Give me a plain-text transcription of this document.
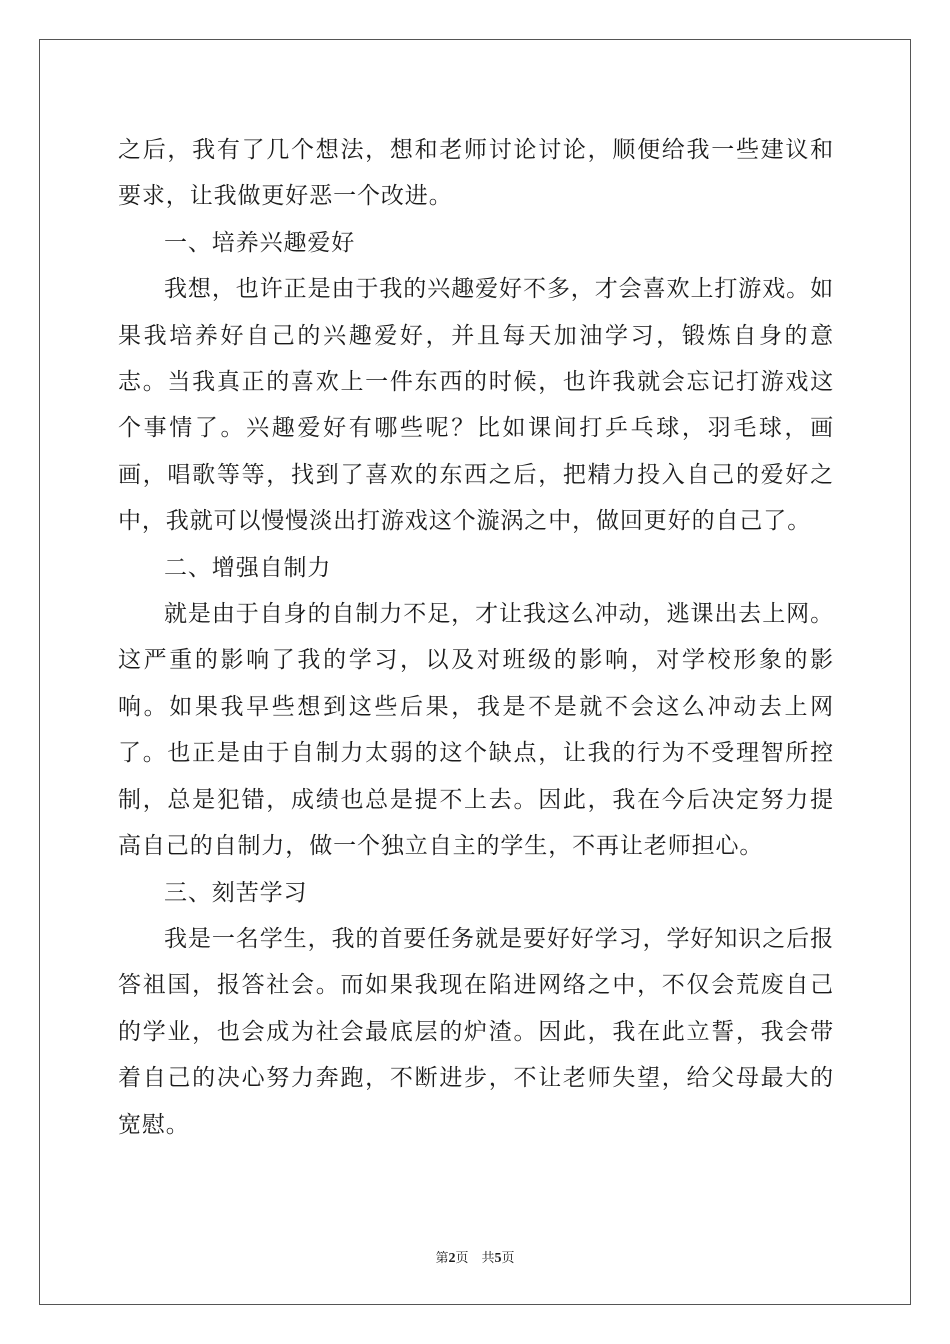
之后，我有了几个想法，想和老师讨论讨论，顺便给我一些建议和要求，让我做更好恶一个改进。

一、培养兴趣爱好

我想，也许正是由于我的兴趣爱好不多，才会喜欢上打游戏。如果我培养好自己的兴趣爱好，并且每天加油学习，锻炼自身的意志。当我真正的喜欢上一件东西的时候，也许我就会忘记打游戏这个事情了。兴趣爱好有哪些呢？比如课间打乒乓球，羽毛球，画画，唱歌等等，找到了喜欢的东西之后，把精力投入自己的爱好之中，我就可以慢慢淡出打游戏这个漩涡之中，做回更好的自己了。

二、增强自制力

就是由于自身的自制力不足，才让我这么冲动，逃课出去上网。这严重的影响了我的学习，以及对班级的影响，对学校形象的影响。如果我早些想到这些后果，我是不是就不会这么冲动去上网了。也正是由于自制力太弱的这个缺点，让我的行为不受理智所控制，总是犯错，成绩也总是提不上去。因此，我在今后决定努力提高自己的自制力，做一个独立自主的学生，不再让老师担心。

三、刻苦学习

我是一名学生，我的首要任务就是要好好学习，学好知识之后报答祖国，报答社会。而如果我现在陷进网络之中，不仅会荒废自己的学业，也会成为社会最底层的炉渣。因此，我在此立誓，我会带着自己的决心努力奔跑，不断进步，不让老师失望，给父母最大的宽慰。

第2页　共5页
